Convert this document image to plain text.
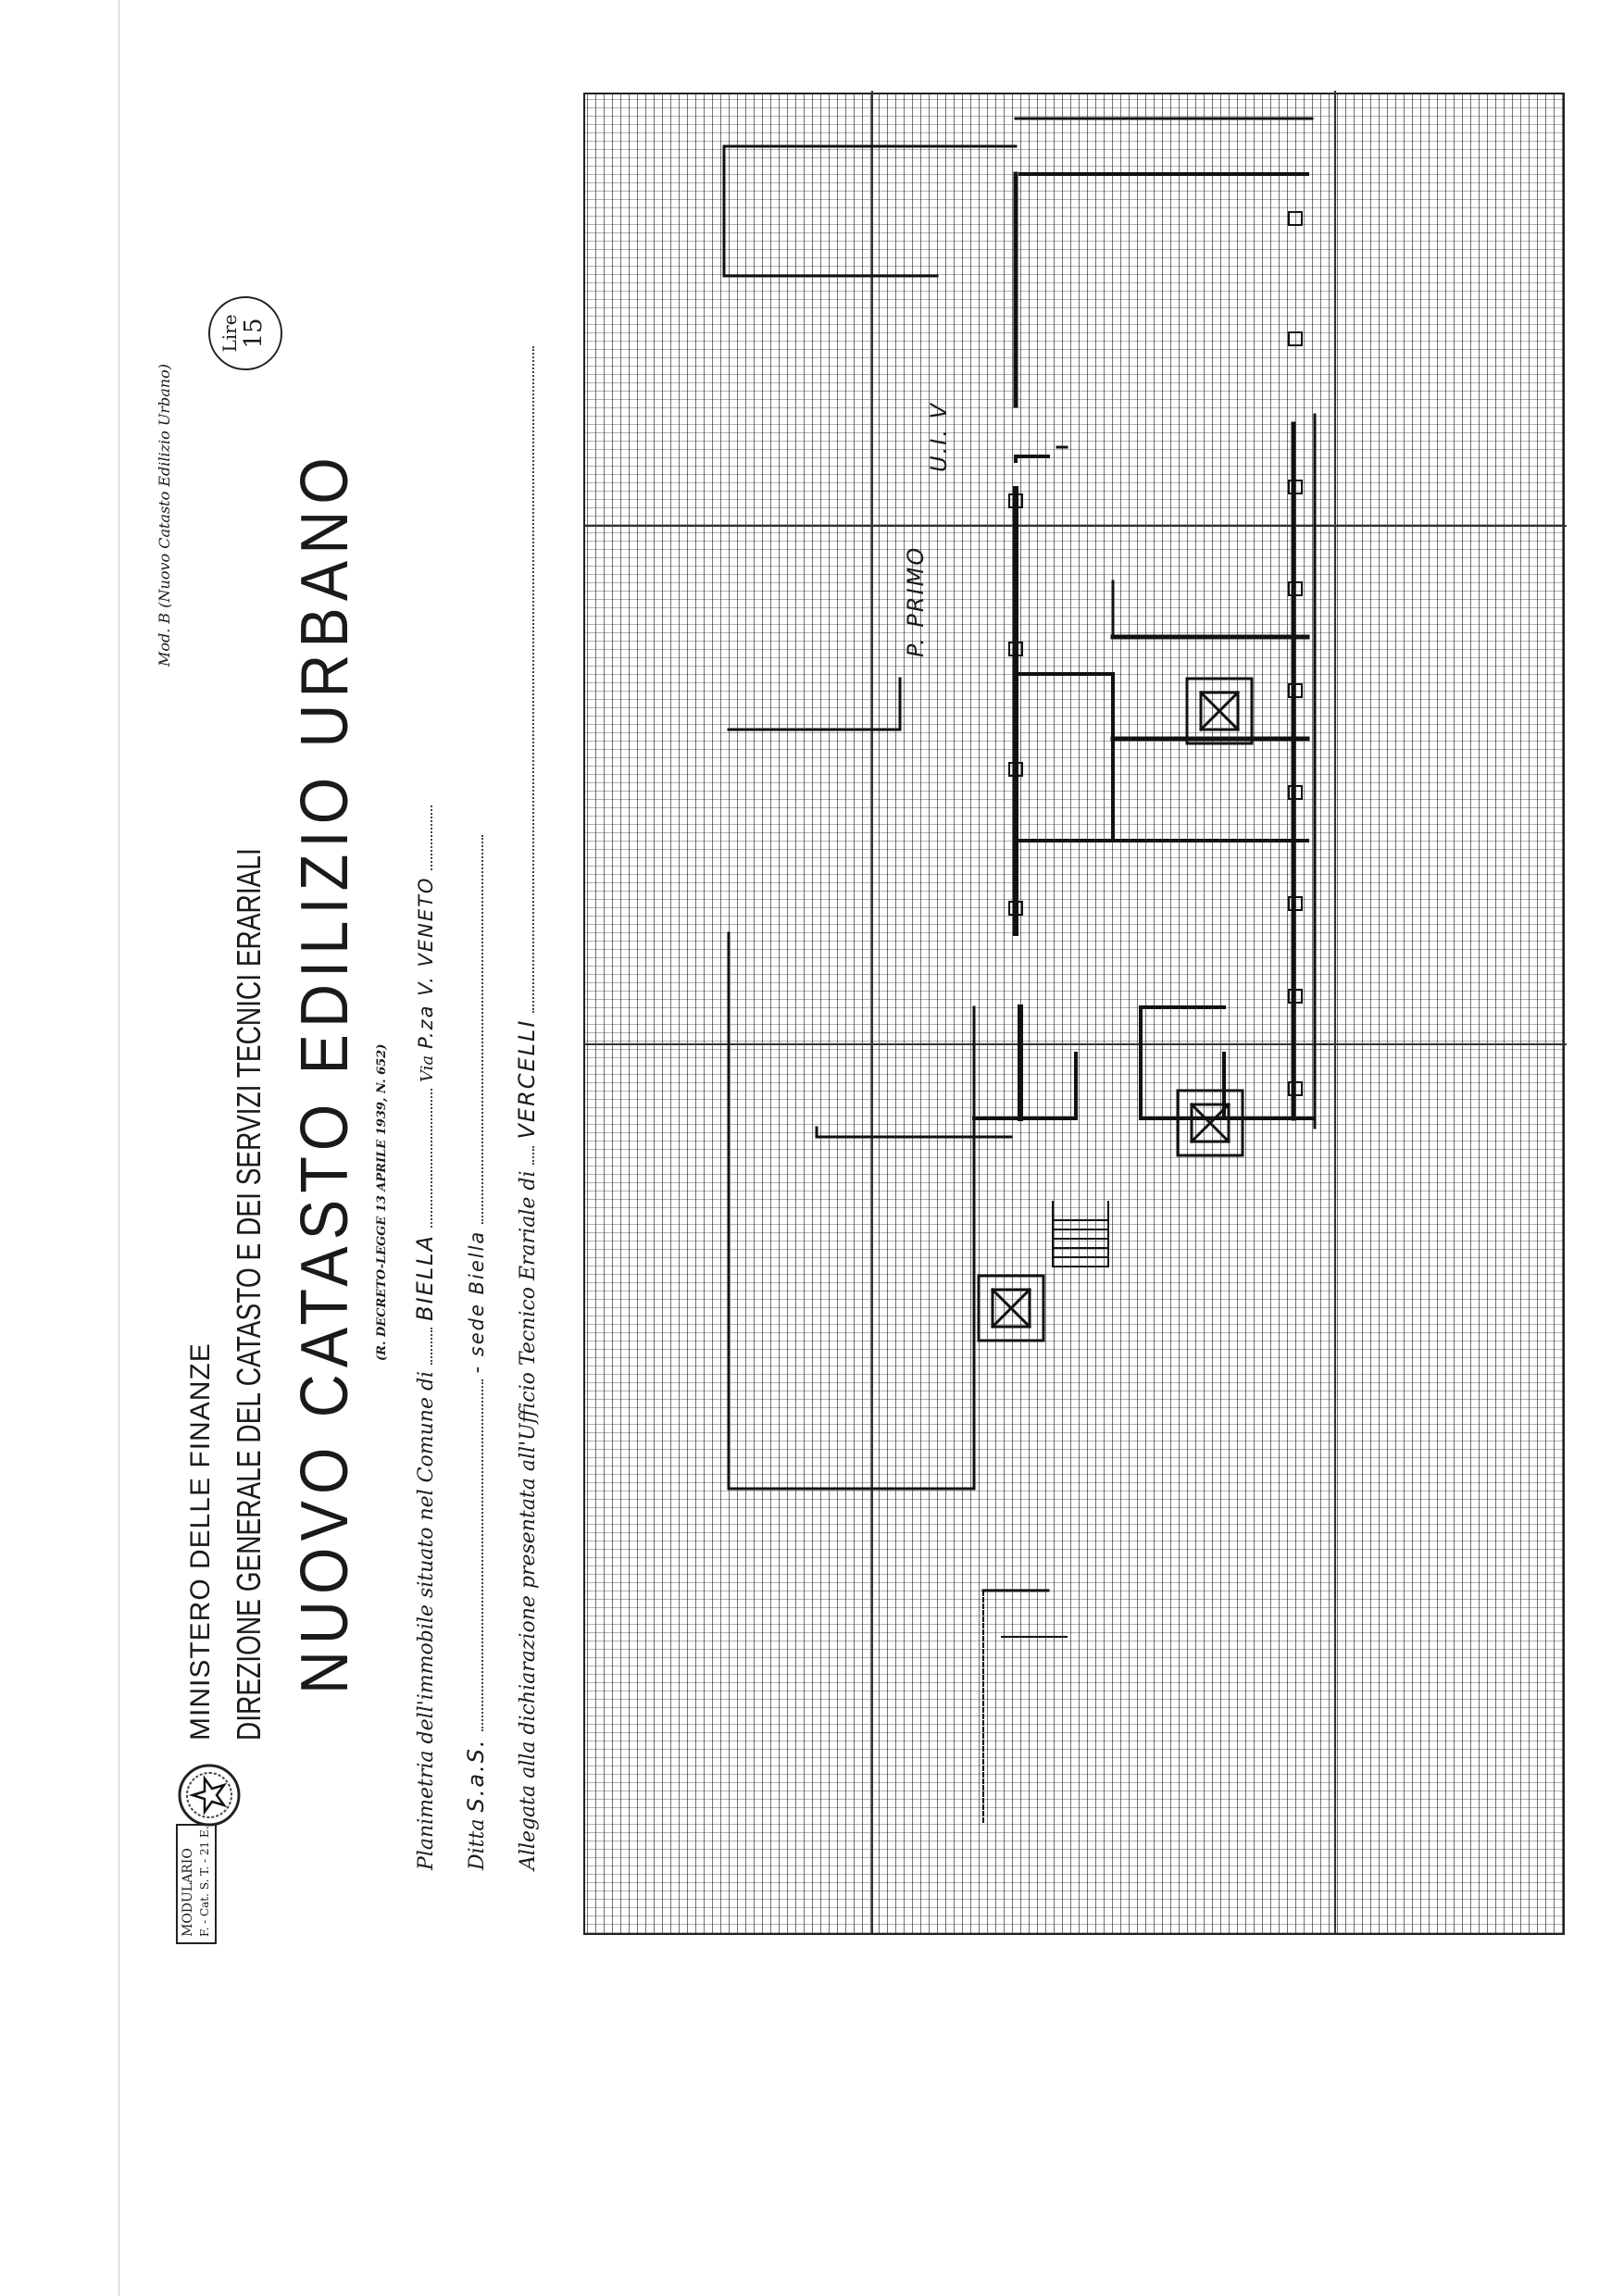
MODULARIO F. - Cat. S. T. - 21 E.
MINISTERO DELLE FINANZE DIREZIONE GENERALE DEL CATASTO E DEI SERVIZI TECNICI ERARIALI NUOVO CATASTO EDILIZIO URBANO (R. DECRETO-LEGGE 13 APRILE 1939, N. 652)
Mod. B (Nuovo Catasto Edilizio Urbano)
Lire 15
Planimetria dell'immobile situato nel Comune di  BIELLA  Via P.za V. VENETO
Ditta S.a.S.  - sede Biella Allegata alla dichiarazione presentata all'Ufficio Tecnico Erariale di  VERCELLI
P. PRIMO
U.I. V
